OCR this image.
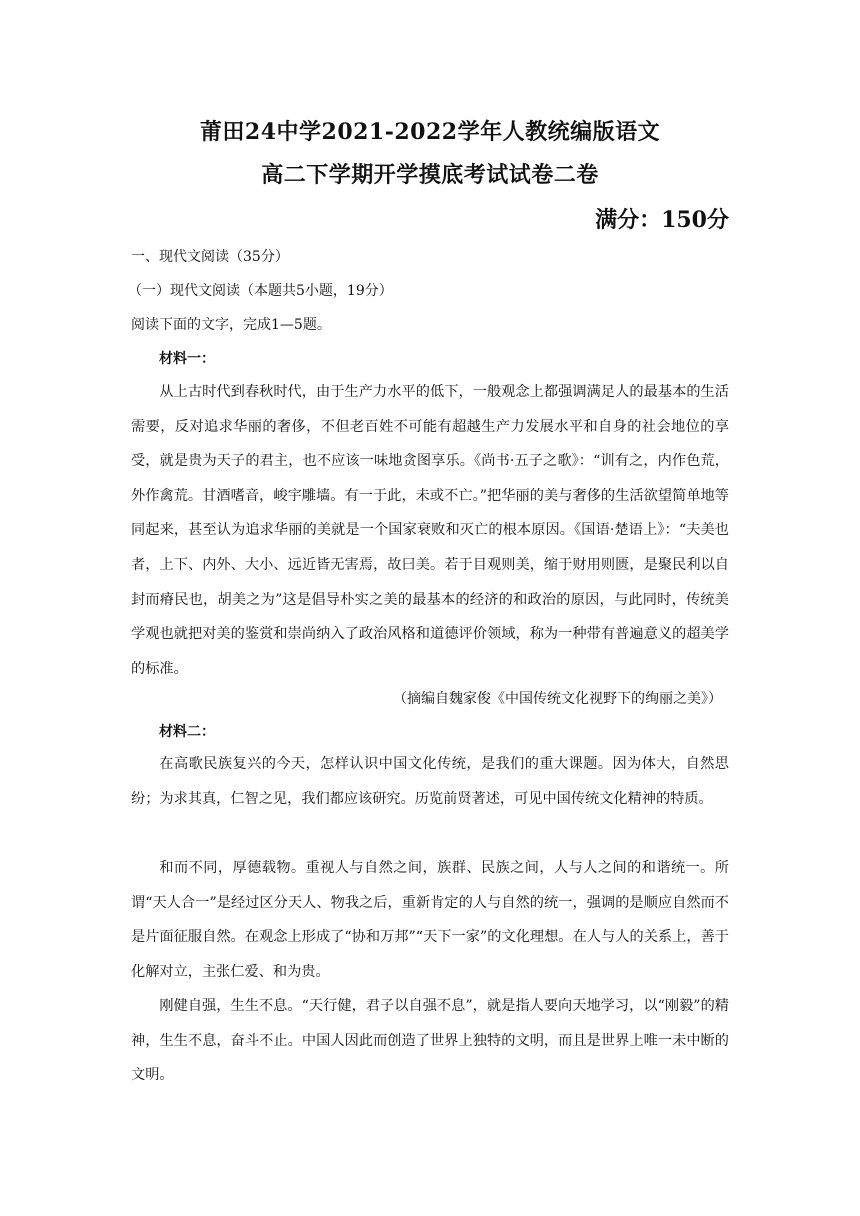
莆田24中学2021-2022学年人教统编版语文
高二下学期开学摸底考试试卷二卷
满分：150分
一、现代文阅读（35分）
（一）现代文阅读（本题共5小题，19分）
阅读下面的文字，完成1—5题。
材料一：

从上古时代到春秋时代，由于生产力水平的低下，一般观念上都强调满足人的最基本的生活需要，反对追求华丽的奢侈，不但老百姓不可能有超越生产力发展水平和自身的社会地位的享受，就是贵为天子的君主，也不应该一味地贪图享乐。《尚书·五子之歌》：“训有之，内作色荒，外作禽荒。甘酒嗜音，峻宇雕墙。有一于此，未或不亡。”把华丽的美与奢侈的生活欲望简单地等同起来，甚至认为追求华丽的美就是一个国家衰败和灭亡的根本原因。《国语·楚语上》：“夫美也者，上下、内外、大小、远近皆无害焉，故曰美。若于目观则美，缩于财用则匮，是聚民利以自封而瘠民也，胡美之为”这是倡导朴实之美的最基本的经济的和政治的原因，与此同时，传统美学观也就把对美的鉴赏和崇尚纳入了政治风格和道德评价领域，称为一种带有普遍意义的超美学的标准。

（摘编自魏家俊《中国传统文化视野下的绚丽之美》）
材料二：

在高歌民族复兴的今天，怎样认识中国文化传统，是我们的重大课题。因为体大，自然思纷；为求其真，仁智之见，我们都应该研究。历览前贤著述，可见中国传统文化精神的特质。

和而不同，厚德载物。重视人与自然之间，族群、民族之间，人与人之间的和谐统一。所谓“天人合一”是经过区分天人、物我之后，重新肯定的人与自然的统一，强调的是顺应自然而不是片面征服自然。在观念上形成了“协和万邦”“天下一家”的文化理想。在人与人的关系上，善于化解对立，主张仁爱、和为贵。

刚健自强，生生不息。“天行健，君子以自强不息”，就是指人要向天地学习，以“刚毅”的精神，生生不息，奋斗不止。中国人因此而创造了世界上独特的文明，而且是世界上唯一未中断的文明。
